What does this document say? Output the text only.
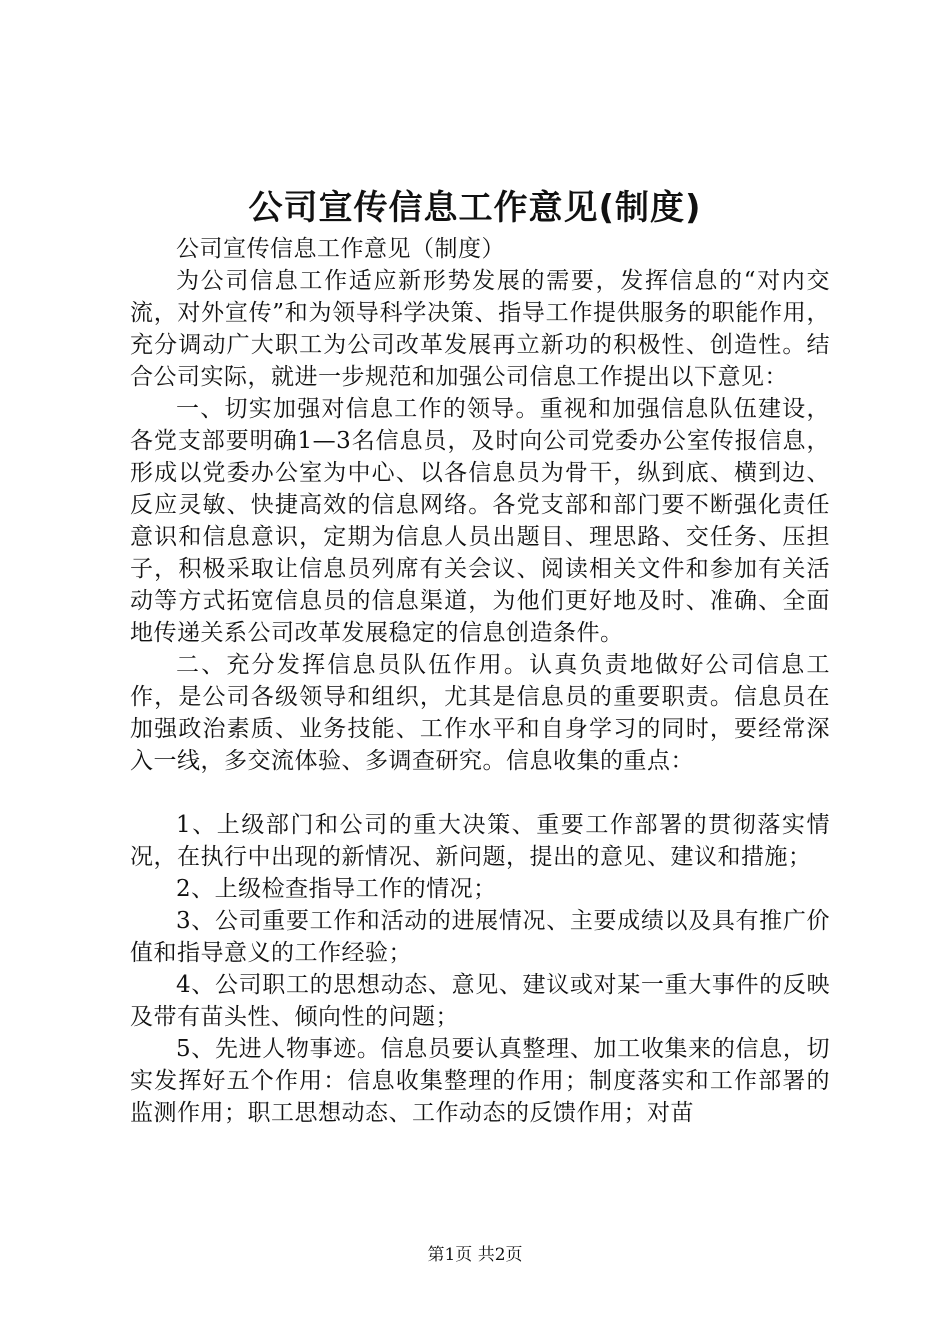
公司宣传信息工作意见(制度)

公司宣传信息工作意见（制度）

为公司信息工作适应新形势发展的需要，发挥信息的“对内交流，对外宣传”和为领导科学决策、指导工作提供服务的职能作用，充分调动广大职工为公司改革发展再立新功的积极性、创造性。结合公司实际，就进一步规范和加强公司信息工作提出以下意见：

一、切实加强对信息工作的领导。重视和加强信息队伍建设，各党支部要明确1—3名信息员，及时向公司党委办公室传报信息，形成以党委办公室为中心、以各信息员为骨干，纵到底、横到边、反应灵敏、快捷高效的信息网络。各党支部和部门要不断强化责任意识和信息意识，定期为信息人员出题目、理思路、交任务、压担子，积极采取让信息员列席有关会议、阅读相关文件和参加有关活动等方式拓宽信息员的信息渠道，为他们更好地及时、准确、全面地传递关系公司改革发展稳定的信息创造条件。

二、充分发挥信息员队伍作用。认真负责地做好公司信息工作，是公司各级领导和组织，尤其是信息员的重要职责。信息员在加强政治素质、业务技能、工作水平和自身学习的同时，要经常深入一线，多交流体验、多调查研究。信息收集的重点：

1、上级部门和公司的重大决策、重要工作部署的贯彻落实情况，在执行中出现的新情况、新问题，提出的意见、建议和措施；

2、上级检查指导工作的情况；

3、公司重要工作和活动的进展情况、主要成绩以及具有推广价值和指导意义的工作经验；

4、公司职工的思想动态、意见、建议或对某一重大事件的反映及带有苗头性、倾向性的问题；

5、先进人物事迹。信息员要认真整理、加工收集来的信息，切实发挥好五个作用：信息收集整理的作用；制度落实和工作部署的监测作用；职工思想动态、工作动态的反馈作用；对苗

第1页 共2页
